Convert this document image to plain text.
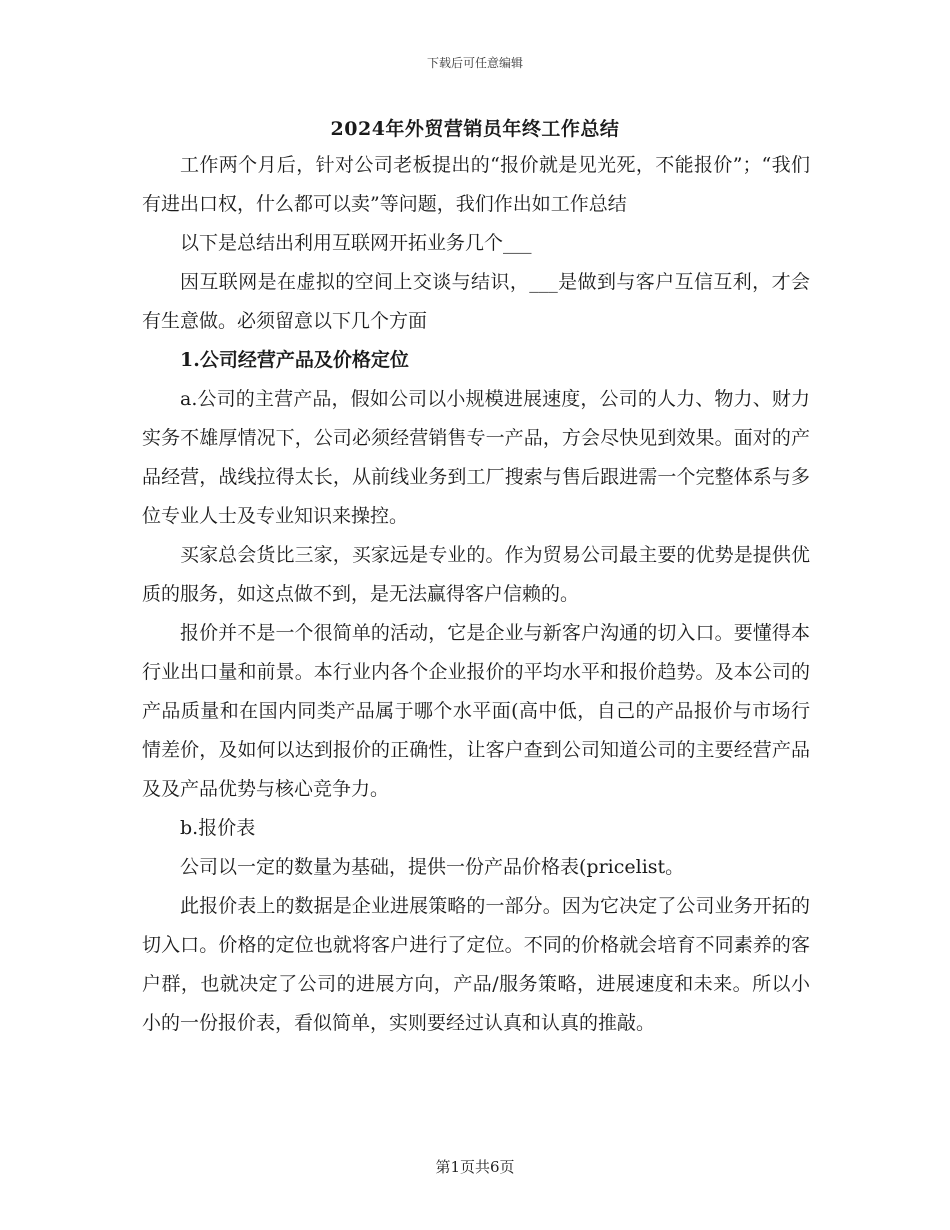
下载后可任意编辑
2024年外贸营销员年终工作总结

工作两个月后，针对公司老板提出的“报价就是见光死，不能报价”；“我们有进出口权，什么都可以卖”等问题，我们作出如工作总结

以下是总结出利用互联网开拓业务几个___

因互联网是在虚拟的空间上交谈与结识，___是做到与客户互信互利，才会有生意做。必须留意以下几个方面

1.公司经营产品及价格定位

a.公司的主营产品，假如公司以小规模进展速度，公司的人力、物力、财力实务不雄厚情况下，公司必须经营销售专一产品，方会尽快见到效果。面对的产品经营，战线拉得太长，从前线业务到工厂搜索与售后跟进需一个完整体系与多位专业人士及专业知识来操控。

买家总会货比三家，买家远是专业的。作为贸易公司最主要的优势是提供优质的服务，如这点做不到，是无法赢得客户信赖的。

报价并不是一个很简单的活动，它是企业与新客户沟通的切入口。要懂得本行业出口量和前景。本行业内各个企业报价的平均水平和报价趋势。及本公司的产品质量和在国内同类产品属于哪个水平面(高中低，自己的产品报价与市场行情差价，及如何以达到报价的正确性，让客户查到公司知道公司的主要经营产品及及产品优势与核心竞争力。

b.报价表

公司以一定的数量为基础，提供一份产品价格表(pricelist。

此报价表上的数据是企业进展策略的一部分。因为它决定了公司业务开拓的切入口。价格的定位也就将客户进行了定位。不同的价格就会培育不同素养的客户群，也就决定了公司的进展方向，产品/服务策略，进展速度和未来。所以小小的一份报价表，看似简单，实则要经过认真和认真的推敲。

第1页共6页
